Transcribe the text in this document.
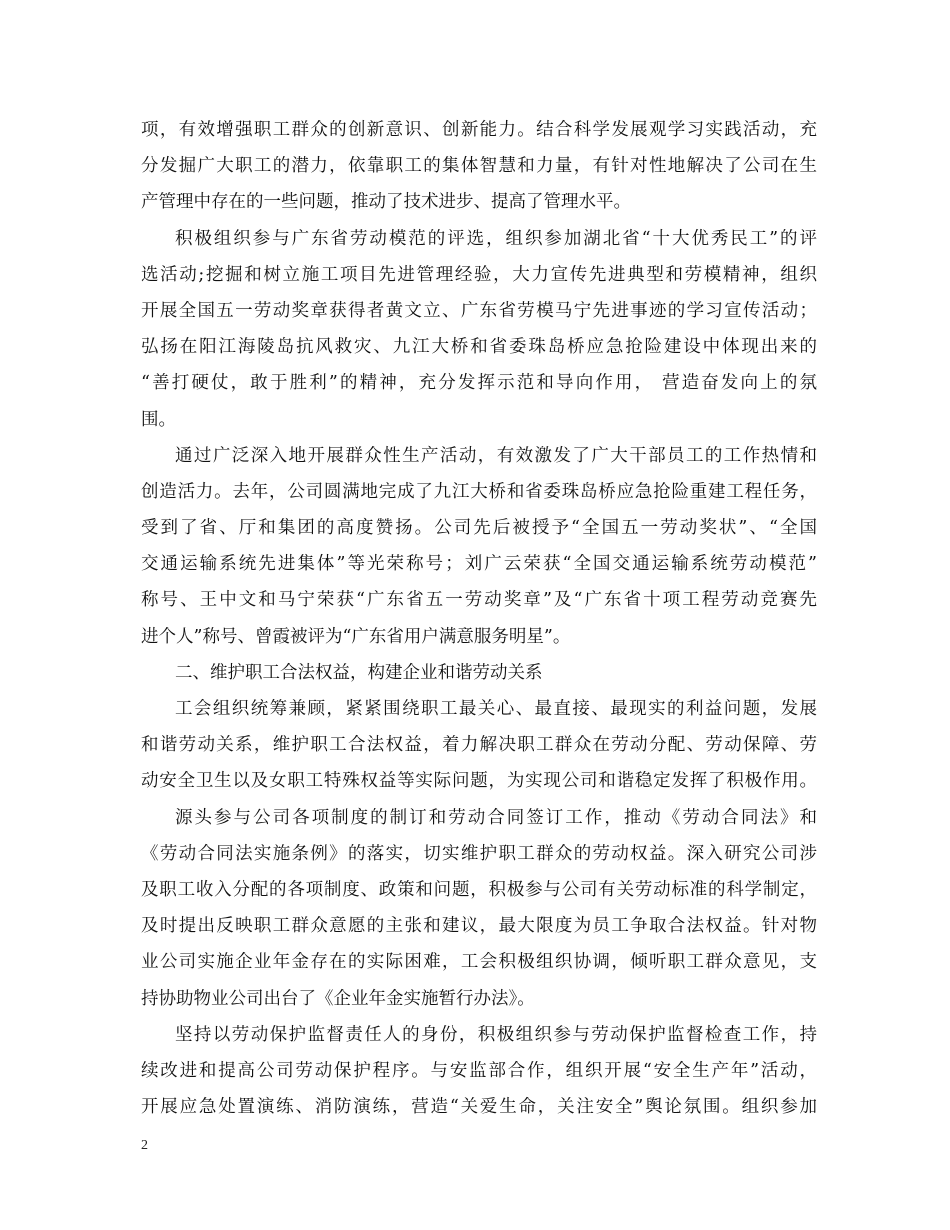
项，有效增强职工群众的创新意识、创新能力。结合科学发展观学习实践活动，充
分发掘广大职工的潜力，依靠职工的集体智慧和力量，有针对性地解决了公司在生
产管理中存在的一些问题，推动了技术进步、提高了管理水平。
积极组织参与广东省劳动模范的评选，组织参加湖北省“十大优秀民工”的评
选活动;挖掘和树立施工项目先进管理经验，大力宣传先进典型和劳模精神，组织
开展全国五一劳动奖章获得者黄文立、广东省劳模马宁先进事迹的学习宣传活动；
弘扬在阳江海陵岛抗风救灾、九江大桥和省委珠岛桥应急抢险建设中体现出来的
“善打硬仗，敢于胜利”的精神，充分发挥示范和导向作用， 营造奋发向上的氛
围。
通过广泛深入地开展群众性生产活动，有效激发了广大干部员工的工作热情和
创造活力。去年，公司圆满地完成了九江大桥和省委珠岛桥应急抢险重建工程任务，
受到了省、厅和集团的高度赞扬。公司先后被授予“全国五一劳动奖状”、“全国
交通运输系统先进集体”等光荣称号；刘广云荣获“全国交通运输系统劳动模范”
称号、王中文和马宁荣获“广东省五一劳动奖章”及“广东省十项工程劳动竞赛先
进个人”称号、曾霞被评为“广东省用户满意服务明星”。
二、维护职工合法权益，构建企业和谐劳动关系
工会组织统筹兼顾，紧紧围绕职工最关心、最直接、最现实的利益问题，发展
和谐劳动关系，维护职工合法权益，着力解决职工群众在劳动分配、劳动保障、劳
动安全卫生以及女职工特殊权益等实际问题，为实现公司和谐稳定发挥了积极作用。
源头参与公司各项制度的制订和劳动合同签订工作，推动《劳动合同法》和
《劳动合同法实施条例》的落实，切实维护职工群众的劳动权益。深入研究公司涉
及职工收入分配的各项制度、政策和问题，积极参与公司有关劳动标准的科学制定，
及时提出反映职工群众意愿的主张和建议，最大限度为员工争取合法权益。针对物
业公司实施企业年金存在的实际困难，工会积极组织协调，倾听职工群众意见，支
持协助物业公司出台了《企业年金实施暂行办法》。
坚持以劳动保护监督责任人的身份，积极组织参与劳动保护监督检查工作，持
续改进和提高公司劳动保护程序。与安监部合作，组织开展“安全生产年”活动，
开展应急处置演练、消防演练，营造“关爱生命，关注安全”舆论氛围。组织参加
2
